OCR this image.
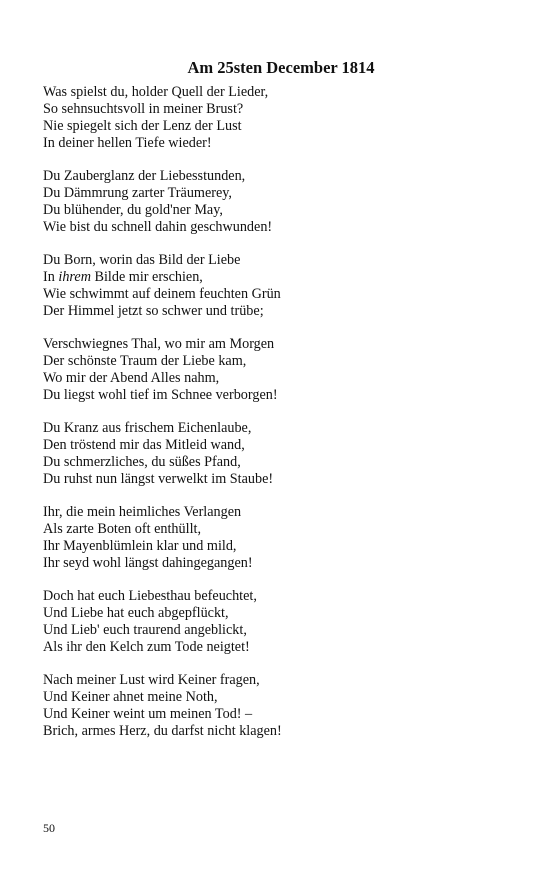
Am 25sten December 1814
Was spielst du, holder Quell der Lieder,
So sehnsuchtsvoll in meiner Brust?
Nie spiegelt sich der Lenz der Lust
In deiner hellen Tiefe wieder!
Du Zauberglanz der Liebesstunden,
Du Dämmrung zarter Träumerey,
Du blühender, du gold'ner May,
Wie bist du schnell dahin geschwunden!
Du Born, worin das Bild der Liebe
In ihrem Bilde mir erschien,
Wie schwimmt auf deinem feuchten Grün
Der Himmel jetzt so schwer und trübe;
Verschwiegnes Thal, wo mir am Morgen
Der schönste Traum der Liebe kam,
Wo mir der Abend Alles nahm,
Du liegst wohl tief im Schnee verborgen!
Du Kranz aus frischem Eichenlaube,
Den tröstend mir das Mitleid wand,
Du schmerzliches, du süßes Pfand,
Du ruhst nun längst verwelkt im Staube!
Ihr, die mein heimliches Verlangen
Als zarte Boten oft enthüllt,
Ihr Mayenblümlein klar und mild,
Ihr seyd wohl längst dahingegangen!
Doch hat euch Liebesthau befeuchtet,
Und Liebe hat euch abgepflückt,
Und Lieb' euch traurend angeblickt,
Als ihr den Kelch zum Tode neigtet!
Nach meiner Lust wird Keiner fragen,
Und Keiner ahnet meine Noth,
Und Keiner weint um meinen Tod! –
Brich, armes Herz, du darfst nicht klagen!
50
